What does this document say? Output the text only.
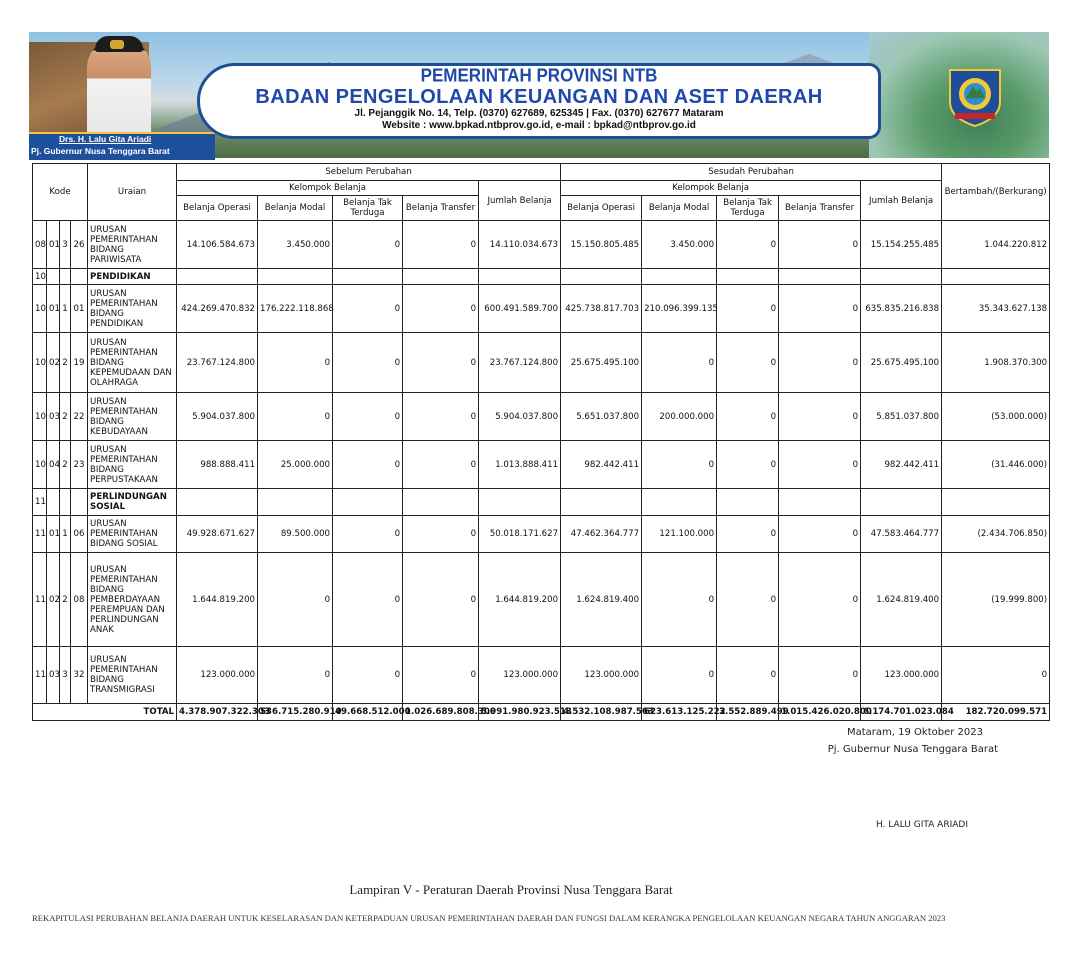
Drs. H. Lalu Gita Ariadi
Pj. Gubernur Nusa Tenggara Barat
PEMERINTAH PROVINSI NTB
BADAN PENGELOLAAN KEUANGAN DAN ASET DAERAH
Jl. Pejanggik No. 14, Telp. (0370) 627689, 625345 | Fax. (0370) 627677 Mataram
Website : www.bpkad.ntbprov.go.id, e-mail : bpkad@ntbprov.go.id
Kode				Uraian	Sebelum Perubahan					Sesudah Perubahan					Bertambah/(Berkurang)
					Kelompok Belanja				Jumlah Belanja	Kelompok Belanja				Jumlah Belanja	
					Belanja Operasi	Belanja Modal	Belanja Tak Terduga	Belanja Transfer		Belanja Operasi	Belanja Modal	Belanja Tak Terduga	Belanja Transfer		
08	01	3	26	URUSAN PEMERINTAHAN BIDANG PARIWISATA	14.106.584.673	3.450.000	0	0	14.110.034.673	15.150.805.485	3.450.000	0	0	15.154.255.485	1.044.220.812
10				PENDIDIKAN											
10	01	1	01	URUSAN PEMERINTAHAN BIDANG PENDIDIKAN	424.269.470.832	176.222.118.868	0	0	600.491.589.700	425.738.817.703	210.096.399.135	0	0	635.835.216.838	35.343.627.138
10	02	2	19	URUSAN PEMERINTAHAN BIDANG KEPEMUDAAN DAN OLAHRAGA	23.767.124.800	0	0	0	23.767.124.800	25.675.495.100	0	0	0	25.675.495.100	1.908.370.300
10	03	2	22	URUSAN PEMERINTAHAN BIDANG KEBUDAYAAN	5.904.037.800	0	0	0	5.904.037.800	5.651.037.800	200.000.000	0	0	5.851.037.800	(53.000.000)
10	04	2	23	URUSAN PEMERINTAHAN BIDANG PERPUSTAKAAN	988.888.411	25.000.000	0	0	1.013.888.411	982.442.411	0	0	0	982.442.411	(31.446.000)
11				PERLINDUNGAN SOSIAL											
11	01	1	06	URUSAN PEMERINTAHAN BIDANG SOSIAL	49.928.671.627	89.500.000	0	0	50.018.171.627	47.462.364.777	121.100.000	0	0	47.583.464.777	(2.434.706.850)
11	02	2	08	URUSAN PEMERINTAHAN BIDANG PEMBERDAYAAN PEREMPUAN DAN PERLINDUNGAN ANAK	1.644.819.200	0	0	0	1.644.819.200	1.624.819.400	0	0	0	1.624.819.400	(19.999.800)
11	03	3	32	URUSAN PEMERINTAHAN BIDANG TRANSMIGRASI	123.000.000	0	0	0	123.000.000	123.000.000	0	0	0	123.000.000	0
TOTAL					4.378.907.322.303	536.715.280.910	49.668.512.000	1.026.689.808.300	5.991.980.923.513	4.532.108.987.563	623.613.125.222	3.552.889.499	1.015.426.020.800	6.174.701.023.084	182.720.099.571
Mataram, 19 Oktober 2023
Pj. Gubernur Nusa Tenggara Barat
H. LALU GITA ARIADI
Lampiran V - Peraturan Daerah Provinsi Nusa Tenggara Barat
REKAPITULASI PERUBAHAN BELANJA DAERAH UNTUK KESELARASAN DAN KETERPADUAN URUSAN PEMERINTAHAN DAERAH DAN FUNGSI DALAM KERANGKA PENGELOLAAN KEUANGAN NEGARA TAHUN ANGGARAN 2023
